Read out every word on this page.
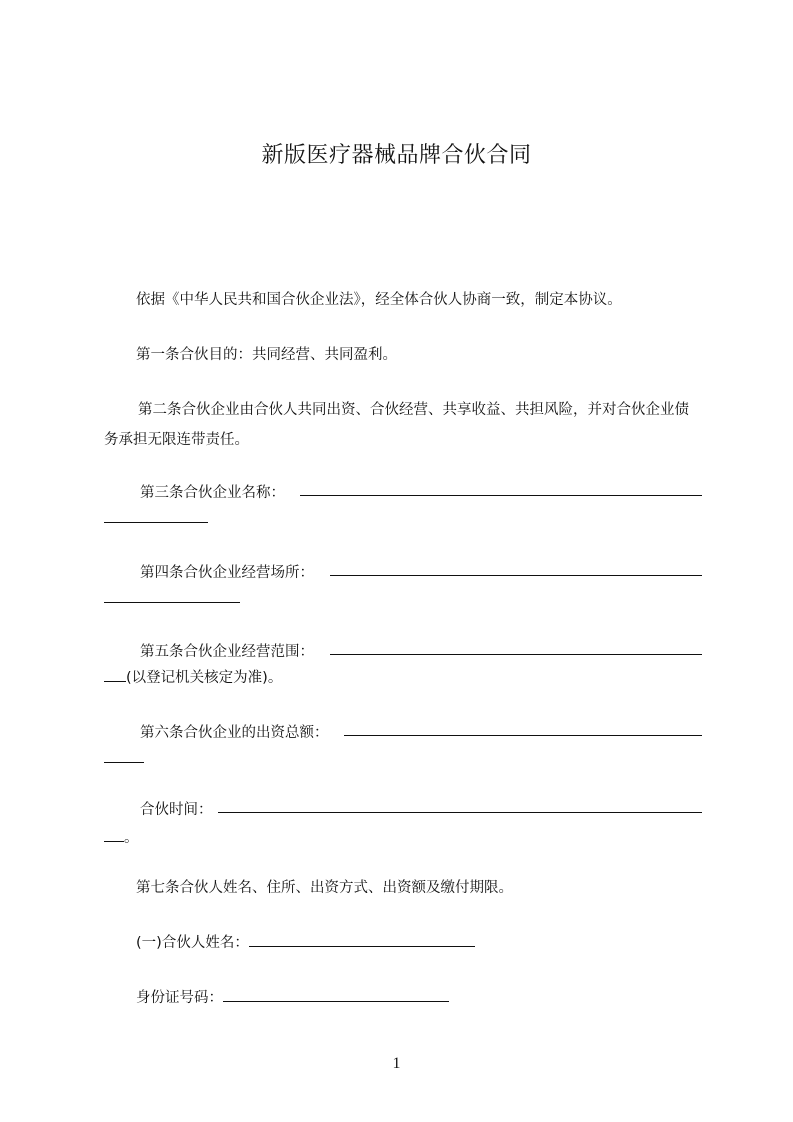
新版医疗器械品牌合伙合同
依据《中华人民共和国合伙企业法》，经全体合伙人协商一致，制定本协议。
第一条合伙目的：共同经营、共同盈利。
第二条合伙企业由合伙人共同出资、合伙经营、共享收益、共担风险，并对合伙企业债务承担无限连带责任。
第三条合伙企业名称：
第四条合伙企业经营场所：
第五条合伙企业经营范围：
(以登记机关核定为准)。
第六条合伙企业的出资总额：
合伙时间：
。
第七条合伙人姓名、住所、出资方式、出资额及缴付期限。
(一)合伙人姓名：
身份证号码：
1
